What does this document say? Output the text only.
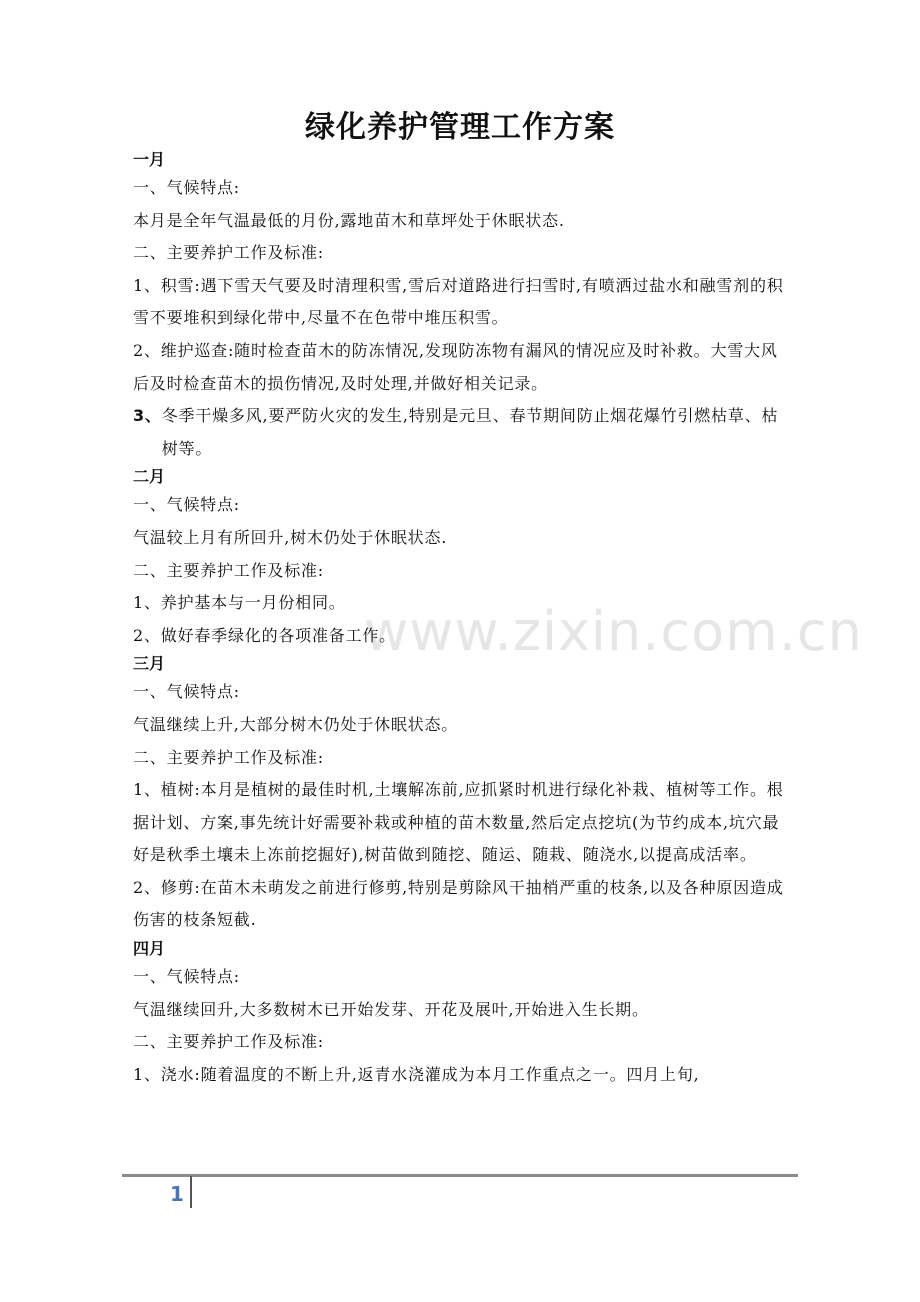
www.zixin.com.cn
绿化养护管理工作方案

一月

一、气候特点:

本月是全年气温最低的月份,露地苗木和草坪处于休眠状态.

二、主要养护工作及标准:

1、积雪:遇下雪天气要及时清理积雪,雪后对道路进行扫雪时,有喷洒过盐水和融雪剂的积雪不要堆积到绿化带中,尽量不在色带中堆压积雪。

2、维护巡查:随时检查苗木的防冻情况,发现防冻物有漏风的情况应及时补救。大雪大风后及时检查苗木的损伤情况,及时处理,并做好相关记录。

3、 冬季干燥多风,要严防火灾的发生,特别是元旦、春节期间防止烟花爆竹引燃枯草、枯树等。

二月

一、气候特点:

气温较上月有所回升,树木仍处于休眠状态.

二、主要养护工作及标准:

1、养护基本与一月份相同。

2、做好春季绿化的各项准备工作。

三月

一、气候特点:

气温继续上升,大部分树木仍处于休眠状态。

二、主要养护工作及标准:

1、植树:本月是植树的最佳时机,土壤解冻前,应抓紧时机进行绿化补栽、植树等工作。根据计划、方案,事先统计好需要补栽或种植的苗木数量,然后定点挖坑(为节约成本,坑穴最好是秋季土壤未上冻前挖掘好),树苗做到随挖、随运、随栽、随浇水,以提高成活率。

2、修剪:在苗木未萌发之前进行修剪,特别是剪除风干抽梢严重的枝条,以及各种原因造成伤害的枝条短截.

四月

一、气候特点:

气温继续回升,大多数树木已开始发芽、开花及展叶,开始进入生长期。

二、主要养护工作及标准:

1、浇水:随着温度的不断上升,返青水浇灌成为本月工作重点之一。四月上旬,

1
